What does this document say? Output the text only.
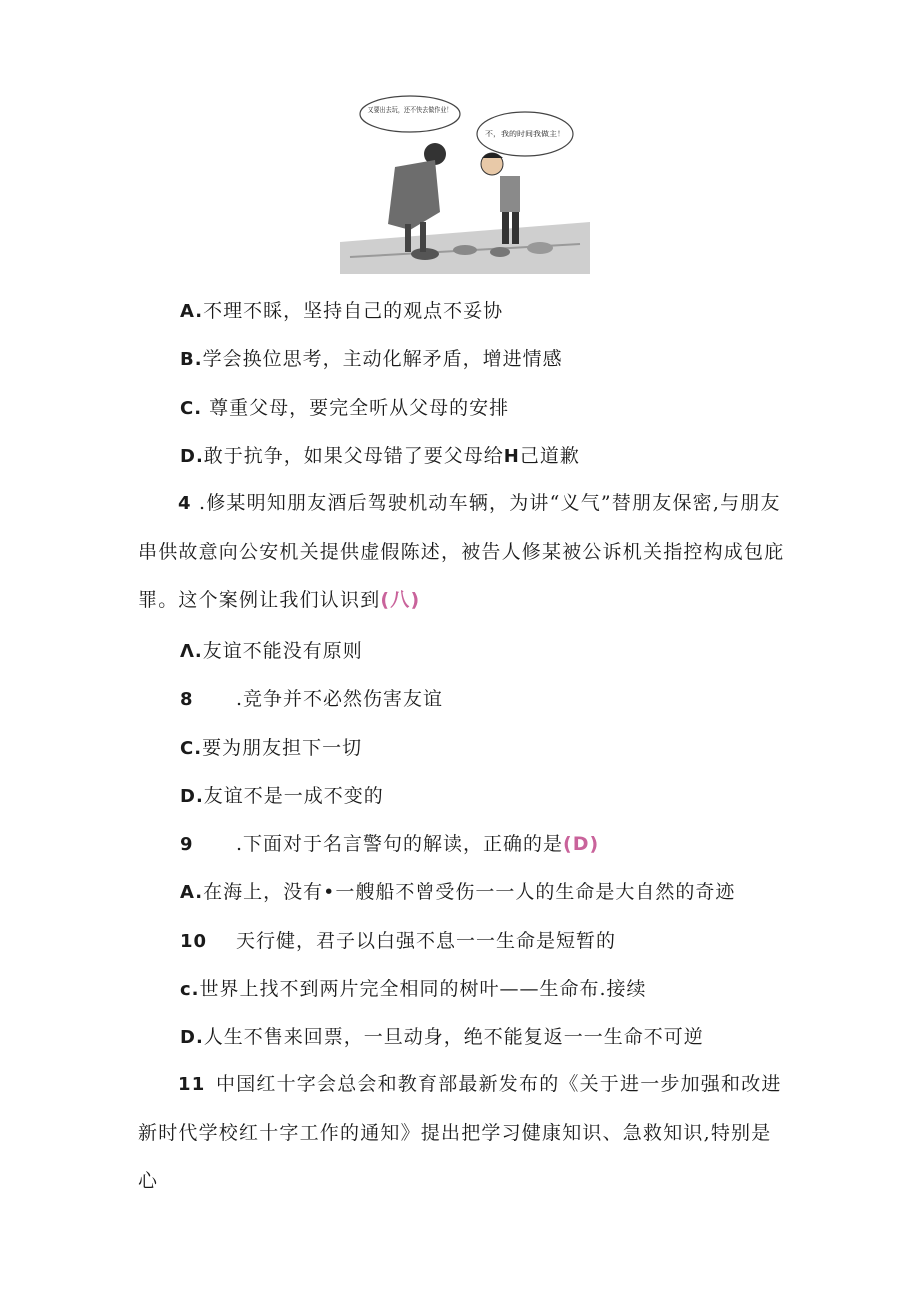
又要出去玩，还不快去做作业！
不，我的时间我做主！
A.不理不睬，坚持自己的观点不妥协
B.学会换位思考，主动化解矛盾，增进情感
C. 尊重父母，要完全听从父母的安排
D.敢于抗争，如果父母错了要父母给H己道歉
4 .修某明知朋友酒后驾驶机动车辆，为讲“义气”替朋友保密,与朋友串供故意向公安机关提供虚假陈述，被告人修某被公诉机关指控构成包庇罪。这个案例让我们认识到(八)
Λ.友谊不能没有原则
8 .竞争并不必然伤害友谊
C.要为朋友担下一切
D.友谊不是一成不变的
9 .下面对于名言警句的解读，正确的是(D)
A.在海上，没有•一艘船不曾受伤一一人的生命是大自然的奇迹
10 天行健，君子以白强不息一一生命是短暂的
c.世界上找不到两片完全相同的树叶——生命布.接续
D.人生不售来回票，一旦动身，绝不能复返一一生命不可逆
11 中国红十字会总会和教育部最新发布的《关于进一步加强和改进新时代学校红十字工作的通知》提出把学习健康知识、急救知识,特别是心
